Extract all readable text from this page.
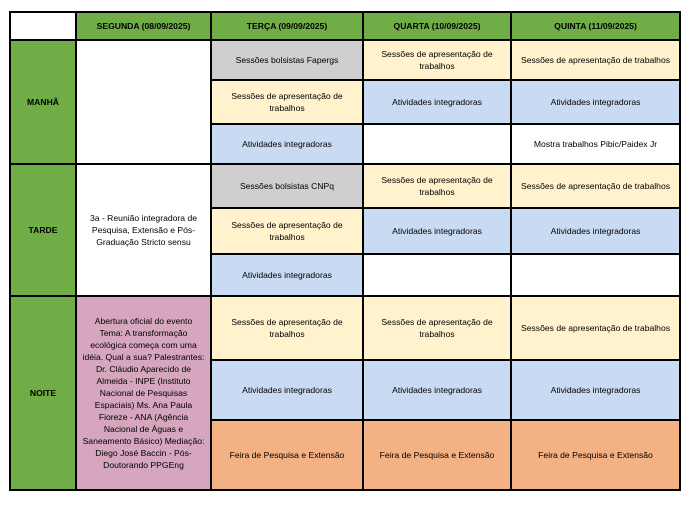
	SEGUNDA (08/09/2025)	TERÇA (09/09/2025)	QUARTA (10/09/2025)	QUINTA (11/09/2025)
MANHÃ		Sessões bolsistas Fapergs	Sessões de apresentação de trabalhos	Sessões de apresentação de trabalhos
		Sessões de apresentação de trabalhos	Atividades integradoras	Atividades integradoras
		Atividades integradoras		Mostra trabalhos Pibic/Paidex Jr
TARDE	3a - Reunião integradora de Pesquisa, Extensão e Pós-Graduação Stricto sensu	Sessões bolsistas CNPq	Sessões de apresentação de trabalhos	Sessões de apresentação de trabalhos
		Sessões de apresentação de trabalhos	Atividades integradoras	Atividades integradoras
		Atividades integradoras		
NOITE	Abertura oficial do evento Tema: A transformação ecológica começa com uma idéia. Qual a sua? Palestrantes: Dr. Cláudio Aparecido de Almeida - INPE (Instituto Nacional de Pesquisas Espaciais) Ms. Ana Paula Fioreze - ANA (Agência Nacional de Águas e Saneamento Básico) Mediação: Diego José Baccin - Pós-Doutorando PPGEng	Sessões de apresentação de trabalhos	Sessões de apresentação de trabalhos	Sessões de apresentação de trabalhos
		Atividades integradoras	Atividades integradoras	Atividades integradoras
		Feira de Pesquisa e Extensão	Feira de Pesquisa e Extensão	Feira de Pesquisa e Extensão
